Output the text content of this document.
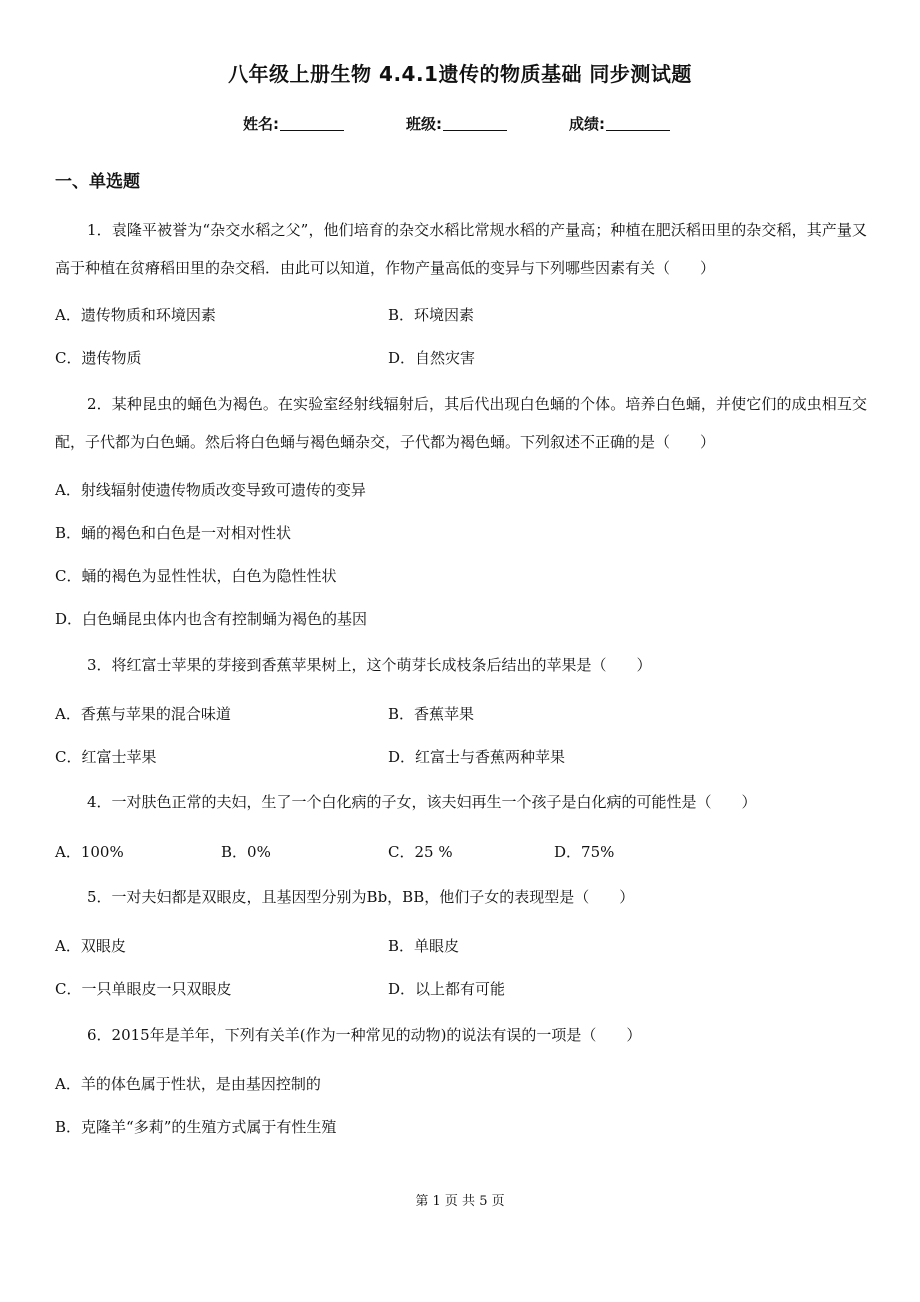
八年级上册生物 4.4.1遗传的物质基础 同步测试题
姓名:	班级:	成绩:
一、单选题
1．袁隆平被誉为“杂交水稻之父”，他们培育的杂交水稻比常规水稻的产量高；种植在肥沃稻田里的杂交稻，其产量又高于种植在贫瘠稻田里的杂交稻．由此可以知道，作物产量高低的变异与下列哪些因素有关（　　）
A．遗传物质和环境因素	B．环境因素
C．遗传物质	D．自然灾害
2．某种昆虫的蛹色为褐色。在实验室经射线辐射后，其后代出现白色蛹的个体。培养白色蛹，并使它们的成虫相互交配，子代都为白色蛹。然后将白色蛹与褐色蛹杂交，子代都为褐色蛹。下列叙述不正确的是（　　）
A．射线辐射使遗传物质改变导致可遗传的变异
B．蛹的褐色和白色是一对相对性状
C．蛹的褐色为显性性状，白色为隐性性状
D．白色蛹昆虫体内也含有控制蛹为褐色的基因
3．将红富士苹果的芽接到香蕉苹果树上，这个萌芽长成枝条后结出的苹果是（　　）
A．香蕉与苹果的混合味道	B．香蕉苹果
C．红富士苹果	D．红富士与香蕉两种苹果
4．一对肤色正常的夫妇，生了一个白化病的子女，该夫妇再生一个孩子是白化病的可能性是（　　）
A．100%	B．0%	C．25 %	D．75%
5．一对夫妇都是双眼皮，且基因型分别为Bb，BB，他们子女的表现型是（　　）
A．双眼皮	B．单眼皮
C．一只单眼皮一只双眼皮	D．以上都有可能
6．2015年是羊年，下列有关羊(作为一种常见的动物)的说法有误的一项是（　　）
A．羊的体色属于性状，是由基因控制的
B．克隆羊“多莉”的生殖方式属于有性生殖
第 1 页 共 5 页
